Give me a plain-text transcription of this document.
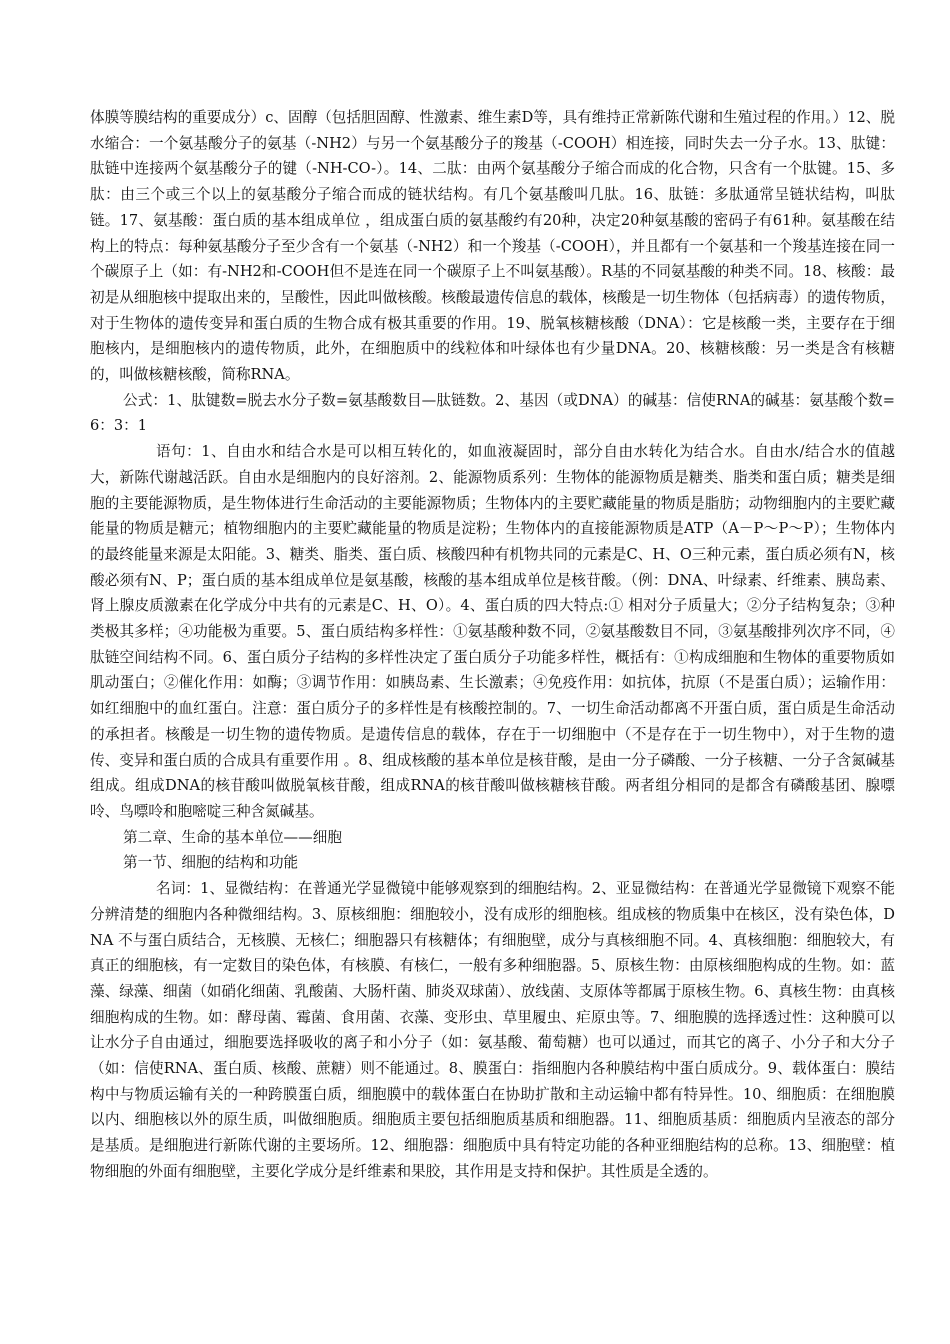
体膜等膜结构的重要成分）c、固醇（包括胆固醇、性激素、维生素D等，具有维持正常新陈代谢和生殖过程的作用。）12、脱水缩合：一个氨基酸分子的氨基（-NH2）与另一个氨基酸分子的羧基（-COOH）相连接，同时失去一分子水。13、肽键：肽链中连接两个氨基酸分子的键（-NH-CO-）。14、二肽：由两个氨基酸分子缩合而成的化合物，只含有一个肽键。15、多肽：由三个或三个以上的氨基酸分子缩合而成的链状结构。有几个氨基酸叫几肽。16、肽链：多肽通常呈链状结构，叫肽链。17、氨基酸：蛋白质的基本组成单位 ，组成蛋白质的氨基酸约有20种，决定20种氨基酸的密码子有61种。氨基酸在结构上的特点：每种氨基酸分子至少含有一个氨基（-NH2）和一个羧基（-COOH），并且都有一个氨基和一个羧基连接在同一个碳原子上（如：有-NH2和-COOH但不是连在同一个碳原子上不叫氨基酸）。R基的不同氨基酸的种类不同。18、核酸：最初是从细胞核中提取出来的，呈酸性，因此叫做核酸。核酸最遗传信息的载体，核酸是一切生物体（包括病毒）的遗传物质，对于生物体的遗传变异和蛋白质的生物合成有极其重要的作用。19、脱氧核糖核酸（DNA）：它是核酸一类，主要存在于细胞核内，是细胞核内的遗传物质，此外，在细胞质中的线粒体和叶绿体也有少量DNA。20、核糖核酸：另一类是含有核糖的，叫做核糖核酸，简称RNA。

公式：1、肽键数=脱去水分子数=氨基酸数目—肽链数。2、基因（或DNA）的碱基：信使RNA的碱基：氨基酸个数=6：3：1

语句：1、自由水和结合水是可以相互转化的，如血液凝固时，部分自由水转化为结合水。自由水/结合水的值越大，新陈代谢越活跃。自由水是细胞内的良好溶剂。2、能源物质系列：生物体的能源物质是糖类、脂类和蛋白质；糖类是细胞的主要能源物质，是生物体进行生命活动的主要能源物质；生物体内的主要贮藏能量的物质是脂肪；动物细胞内的主要贮藏能量的物质是糖元；植物细胞内的主要贮藏能量的物质是淀粉；生物体内的直接能源物质是ATP（A－P～P～P）；生物体内的最终能量来源是太阳能。3、糖类、脂类、蛋白质、核酸四种有机物共同的元素是C、H、O三种元素，蛋白质必须有N，核酸必须有N、P；蛋白质的基本组成单位是氨基酸，核酸的基本组成单位是核苷酸。（例：DNA、叶绿素、纤维素、胰岛素、肾上腺皮质激素在化学成分中共有的元素是C、H、O）。4、蛋白质的四大特点:① 相对分子质量大；②分子结构复杂；③种类极其多样；④功能极为重要。5、蛋白质结构多样性：①氨基酸种数不同，②氨基酸数目不同，③氨基酸排列次序不同，④肽链空间结构不同。6、蛋白质分子结构的多样性决定了蛋白质分子功能多样性，概括有：①构成细胞和生物体的重要物质如肌动蛋白；②催化作用：如酶；③调节作用：如胰岛素、生长激素；④免疫作用：如抗体，抗原（不是蛋白质）；运输作用：如红细胞中的血红蛋白。注意：蛋白质分子的多样性是有核酸控制的。7、一切生命活动都离不开蛋白质，蛋白质是生命活动的承担者。核酸是一切生物的遗传物质。是遗传信息的载体，存在于一切细胞中（不是存在于一切生物中），对于生物的遗传、变异和蛋白质的合成具有重要作用 。8、组成核酸的基本单位是核苷酸，是由一分子磷酸、一分子核糖、一分子含氮碱基组成。组成DNA的核苷酸叫做脱氧核苷酸，组成RNA的核苷酸叫做核糖核苷酸。两者组分相同的是都含有磷酸基团、腺嘌呤、鸟嘌呤和胞嘧啶三种含氮碱基。

第二章、生命的基本单位——细胞

第一节、细胞的结构和功能

名词：1、显微结构：在普通光学显微镜中能够观察到的细胞结构。2、亚显微结构：在普通光学显微镜下观察不能分辨清楚的细胞内各种微细结构。3、原核细胞：细胞较小，没有成形的细胞核。组成核的物质集中在核区，没有染色体，DNA 不与蛋白质结合，无核膜、无核仁；细胞器只有核糖体；有细胞壁，成分与真核细胞不同。4、真核细胞：细胞较大，有真正的细胞核，有一定数目的染色体，有核膜、有核仁，一般有多种细胞器。5、原核生物：由原核细胞构成的生物。如：蓝藻、绿藻、细菌（如硝化细菌、乳酸菌、大肠杆菌、肺炎双球菌）、放线菌、支原体等都属于原核生物。6、真核生物：由真核细胞构成的生物。如：酵母菌、霉菌、食用菌、衣藻、变形虫、草里履虫、疟原虫等。7、细胞膜的选择透过性：这种膜可以让水分子自由通过，细胞要选择吸收的离子和小分子（如：氨基酸、葡萄糖）也可以通过，而其它的离子、小分子和大分子（如：信使RNA、蛋白质、核酸、蔗糖）则不能通过。8、膜蛋白：指细胞内各种膜结构中蛋白质成分。9、载体蛋白：膜结构中与物质运输有关的一种跨膜蛋白质，细胞膜中的载体蛋白在协助扩散和主动运输中都有特异性。10、细胞质：在细胞膜以内、细胞核以外的原生质，叫做细胞质。细胞质主要包括细胞质基质和细胞器。11、细胞质基质：细胞质内呈液态的部分是基质。是细胞进行新陈代谢的主要场所。12、细胞器：细胞质中具有特定功能的各种亚细胞结构的总称。13、细胞壁：植物细胞的外面有细胞壁，主要化学成分是纤维素和果胶，其作用是支持和保护。其性质是全透的。
